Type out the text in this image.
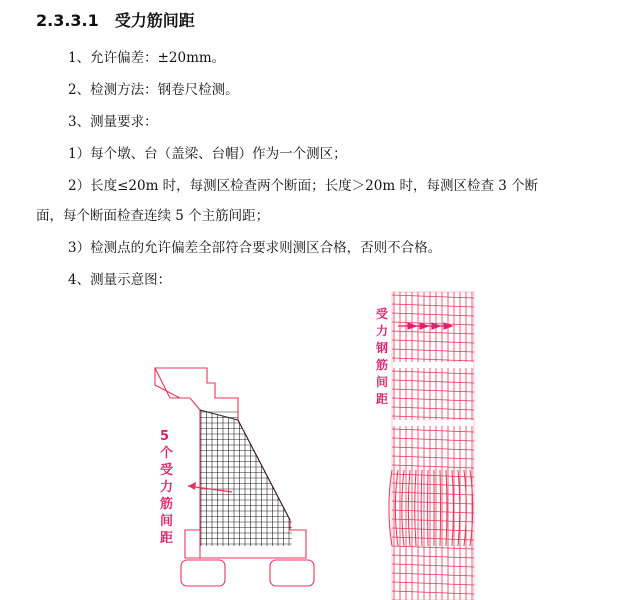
2.3.3.1 受力筋间距
1、允许偏差：±20mm。
2、检测方法：钢卷尺检测。
3、测量要求：
1）每个墩、台（盖梁、台帽）作为一个测区；
2）长度≤20m 时，每测区检查两个断面；长度＞20m 时，每测区检查 3 个断
面，每个断面检查连续 5 个主筋间距；
3）检测点的允许偏差全部符合要求则测区合格，否则不合格。
4、测量示意图：
5
个
受
力
筋
间
距
受
力
钢
筋
间
距
